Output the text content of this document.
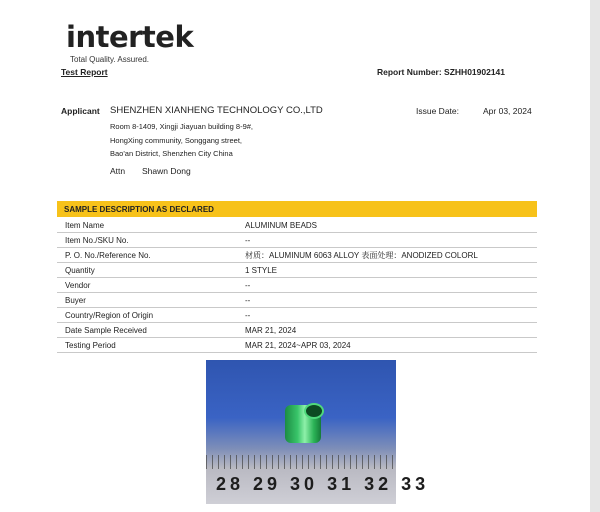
intertek
Total Quality. Assured.
Test Report	Report Number: SZHH01902141
Applicant SHENZHEN XIANHENG TECHNOLOGY CO.,LTD
Room 8-1409, Xingji Jiayuan building 8-9#,
HongXing community, Songgang street,
Bao'an District, Shenzhen City China
Attn Shawn Dong
Issue Date:	Apr 03, 2024
SAMPLE DESCRIPTION AS DECLARED
Item Name	ALUMINUM BEADS
Item No./SKU No.	--
P. O. No./Reference No.	材质：ALUMINUM 6063 ALLOY 表面处理：ANODIZED COLORL
Quantity	1 STYLE
Vendor	--
Buyer	--
Country/Region of Origin	--
Date Sample Received	MAR 21, 2024
Testing Period	MAR 21, 2024~APR 03, 2024
28 29 30 31 32 33
